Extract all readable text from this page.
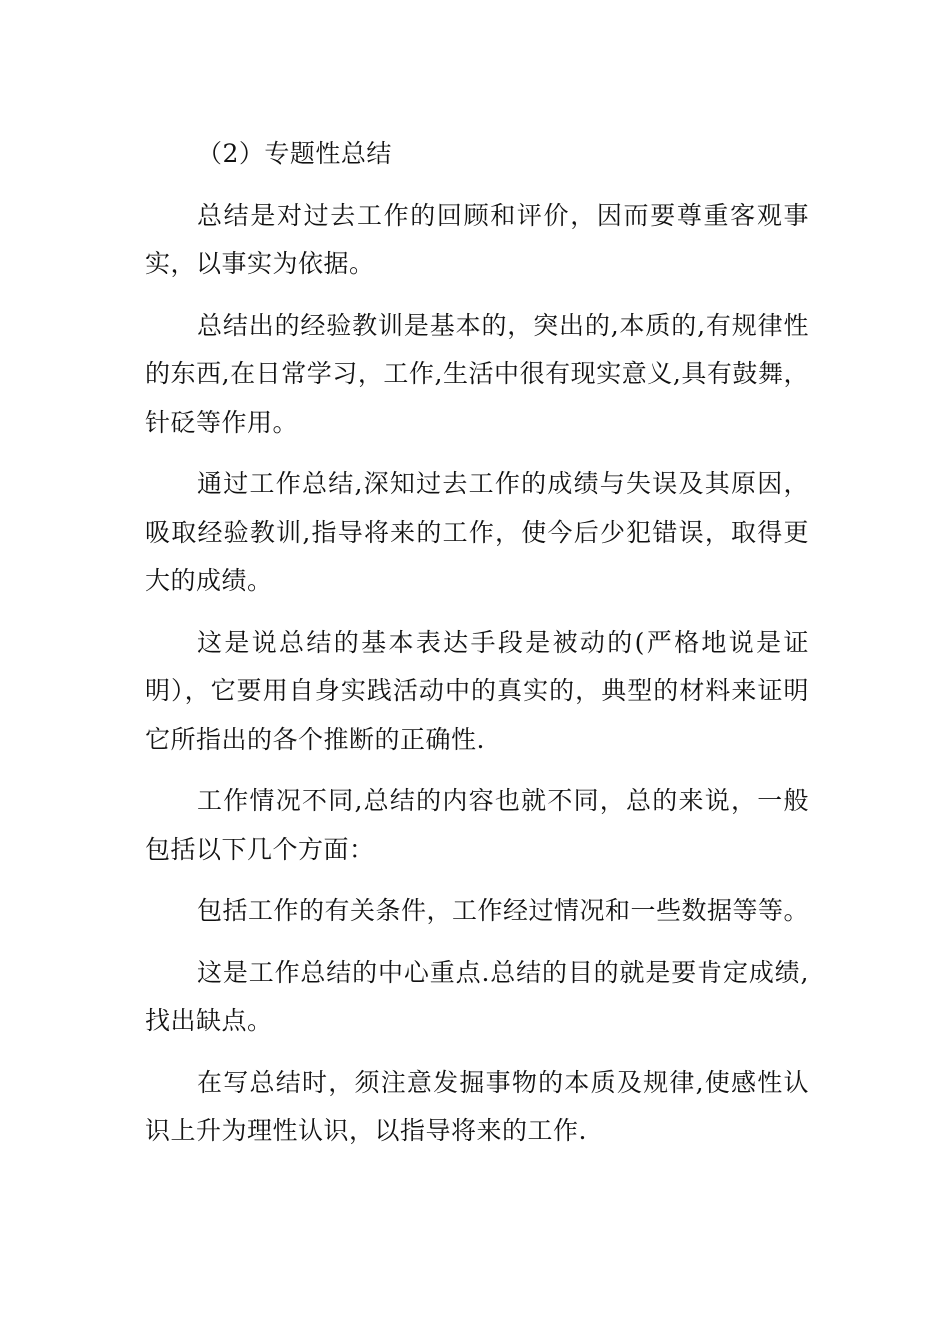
（2）专题性总结

总结是对过去工作的回顾和评价，因而要尊重客观事实，以事实为依据。

总结出的经验教训是基本的，突出的,本质的,有规律性的东西,在日常学习，工作,生活中很有现实意义,具有鼓舞，针砭等作用。

通过工作总结,深知过去工作的成绩与失误及其原因，吸取经验教训,指导将来的工作，使今后少犯错误，取得更大的成绩。

这是说总结的基本表达手段是被动的(严格地说是证明），它要用自身实践活动中的真实的，典型的材料来证明它所指出的各个推断的正确性.

工作情况不同,总结的内容也就不同，总的来说，一般包括以下几个方面：

包括工作的有关条件，工作经过情况和一些数据等等。

这是工作总结的中心重点.总结的目的就是要肯定成绩,找出缺点。

在写总结时，须注意发掘事物的本质及规律,使感性认识上升为理性认识，以指导将来的工作.
